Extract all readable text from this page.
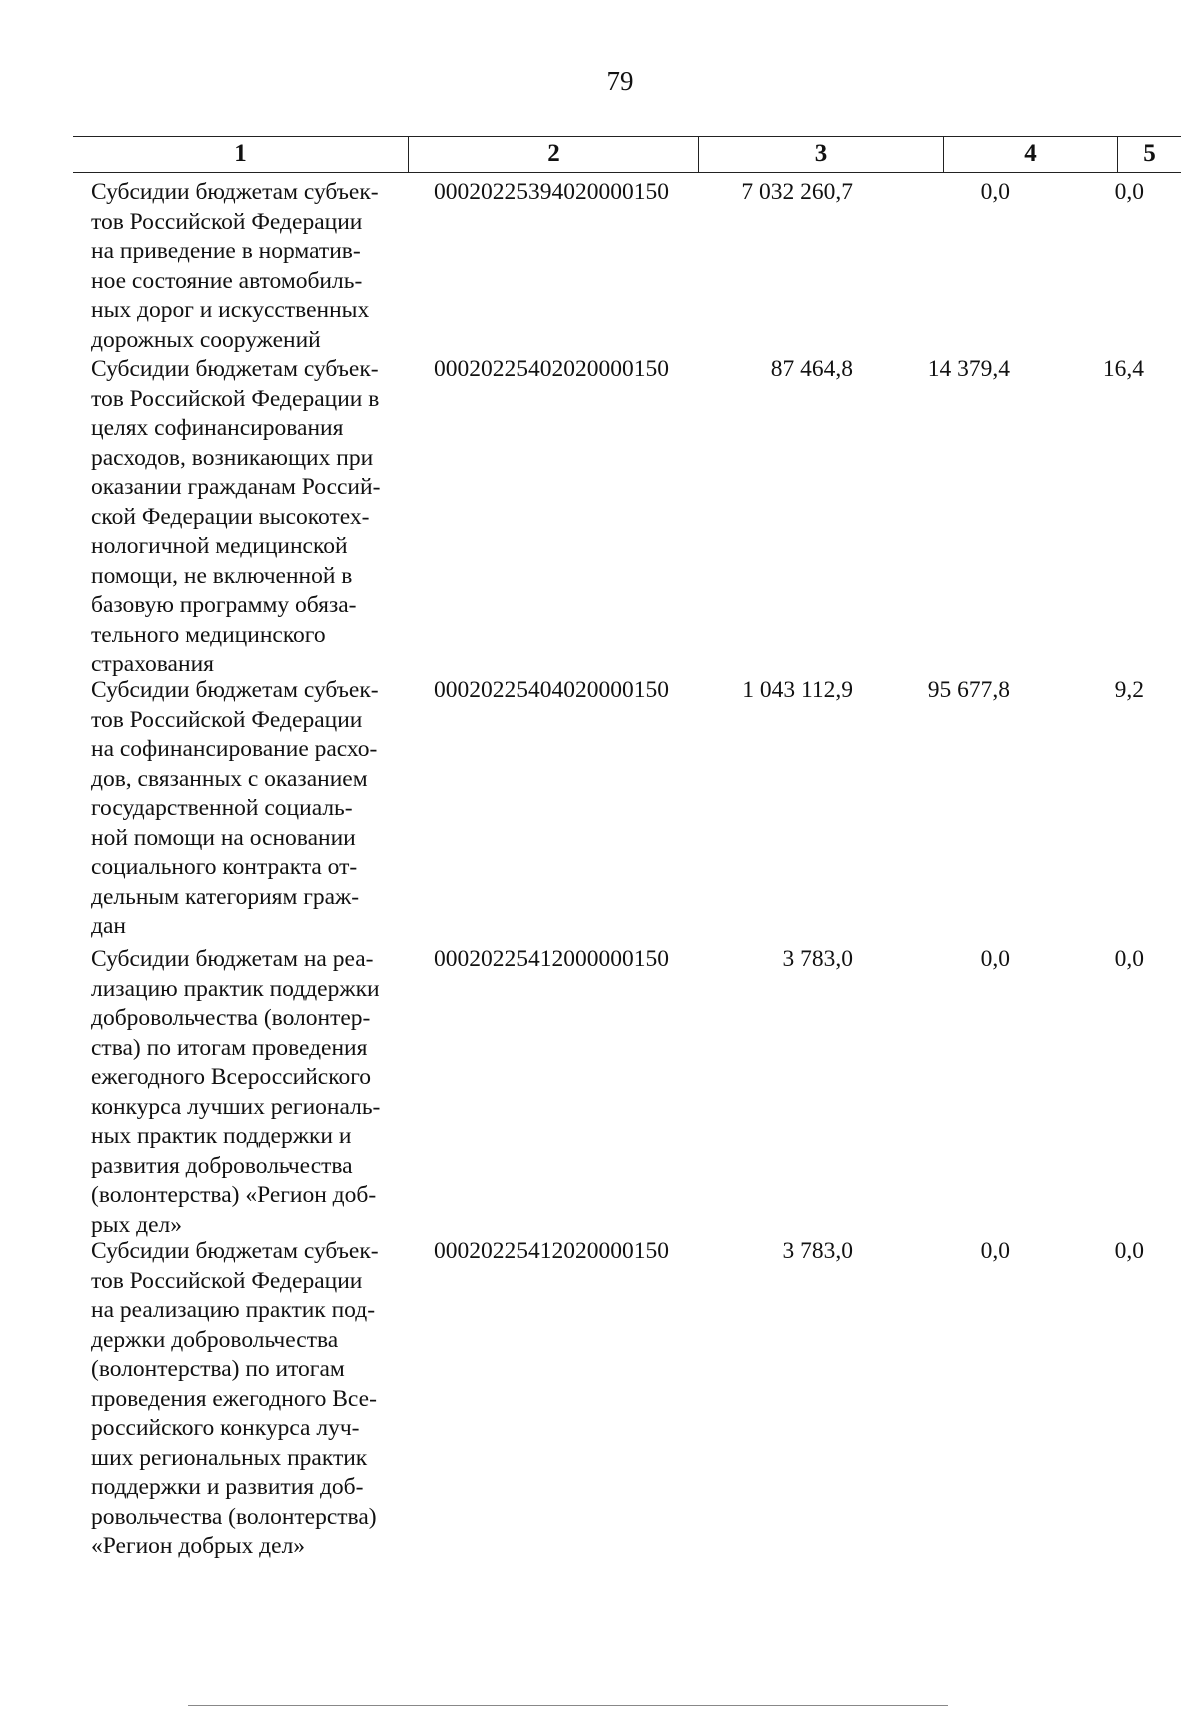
79
1	2	3	4	5
Субсидии бюджетам субъек-
тов Российской Федерации
на приведение в норматив-
ное состояние автомобиль-
ных дорог и искусственных
дорожных сооружений
00020225394020000150	7 032 260,7	0,0	0,0
Субсидии бюджетам субъек-
тов Российской Федерации в
целях софинансирования
расходов, возникающих при
оказании гражданам Россий-
ской Федерации высокотех-
нологичной медицинской
помощи, не включенной в
базовую программу обяза-
тельного медицинского
страхования
00020225402020000150	87 464,8	14 379,4	16,4
Субсидии бюджетам субъек-
тов Российской Федерации
на софинансирование расхо-
дов, связанных с оказанием
государственной социаль-
ной помощи на основании
социального контракта от-
дельным категориям граж-
дан
00020225404020000150	1 043 112,9	95 677,8	9,2
Субсидии бюджетам на реа-
лизацию практик поддержки
добровольчества (волонтер-
ства) по итогам проведения
ежегодного Всероссийского
конкурса лучших региональ-
ных практик поддержки и
развития добровольчества
(волонтерства) «Регион доб-
рых дел»
00020225412000000150	3 783,0	0,0	0,0
Субсидии бюджетам субъек-
тов Российской Федерации
на реализацию практик под-
держки добровольчества
(волонтерства) по итогам
проведения ежегодного Все-
российского конкурса луч-
ших региональных практик
поддержки и развития доб-
ровольчества (волонтерства)
«Регион добрых дел»
00020225412020000150	3 783,0	0,0	0,0
